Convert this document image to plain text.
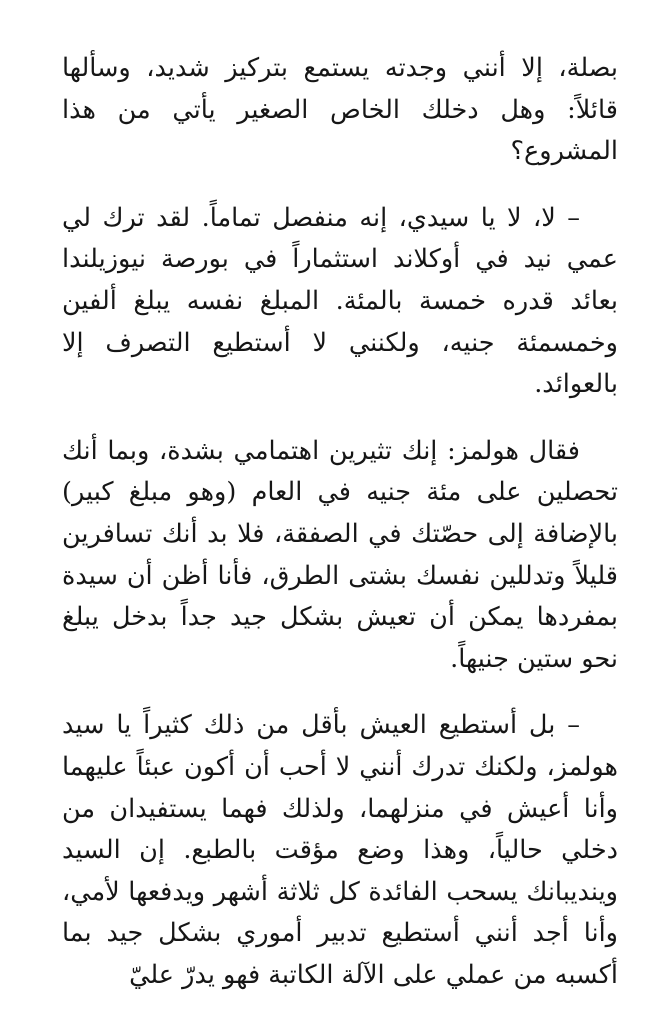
بصلة، إلا أنني وجدته يستمع بتركيز شديد، وسألها قائلاً: وهل دخلك الخاص الصغير يأتي من هذا المشروع؟

– لا، لا يا سيدي، إنه منفصل تماماً. لقد ترك لي عمي نيد في أوكلاند استثماراً في بورصة نيوزيلندا بعائد قدره خمسة بالمئة. المبلغ نفسه يبلغ ألفين وخمسمئة جنيه، ولكنني لا أستطيع التصرف إلا بالعوائد.

فقال هولمز: إنك تثيرين اهتمامي بشدة، وبما أنك تحصلين على مئة جنيه في العام (وهو مبلغ كبير) بالإضافة إلى حصّتك في الصفقة، فلا بد أنك تسافرين قليلاً وتدللين نفسك بشتى الطرق، فأنا أظن أن سيدة بمفردها يمكن أن تعيش بشكل جيد جداً بدخل يبلغ نحو ستين جنيهاً.

– بل أستطيع العيش بأقل من ذلك كثيراً يا سيد هولمز، ولكنك تدرك أنني لا أحب أن أكون عبئاً عليهما وأنا أعيش في منزلهما، ولذلك فهما يستفيدان من دخلي حالياً، وهذا وضع مؤقت بالطبع. إن السيد وينديبانك يسحب الفائدة كل ثلاثة أشهر ويدفعها لأمي، وأنا أجد أنني أستطيع تدبير أموري بشكل جيد بما أكسبه من عملي على الآلة الكاتبة فهو يدرّ عليّ
